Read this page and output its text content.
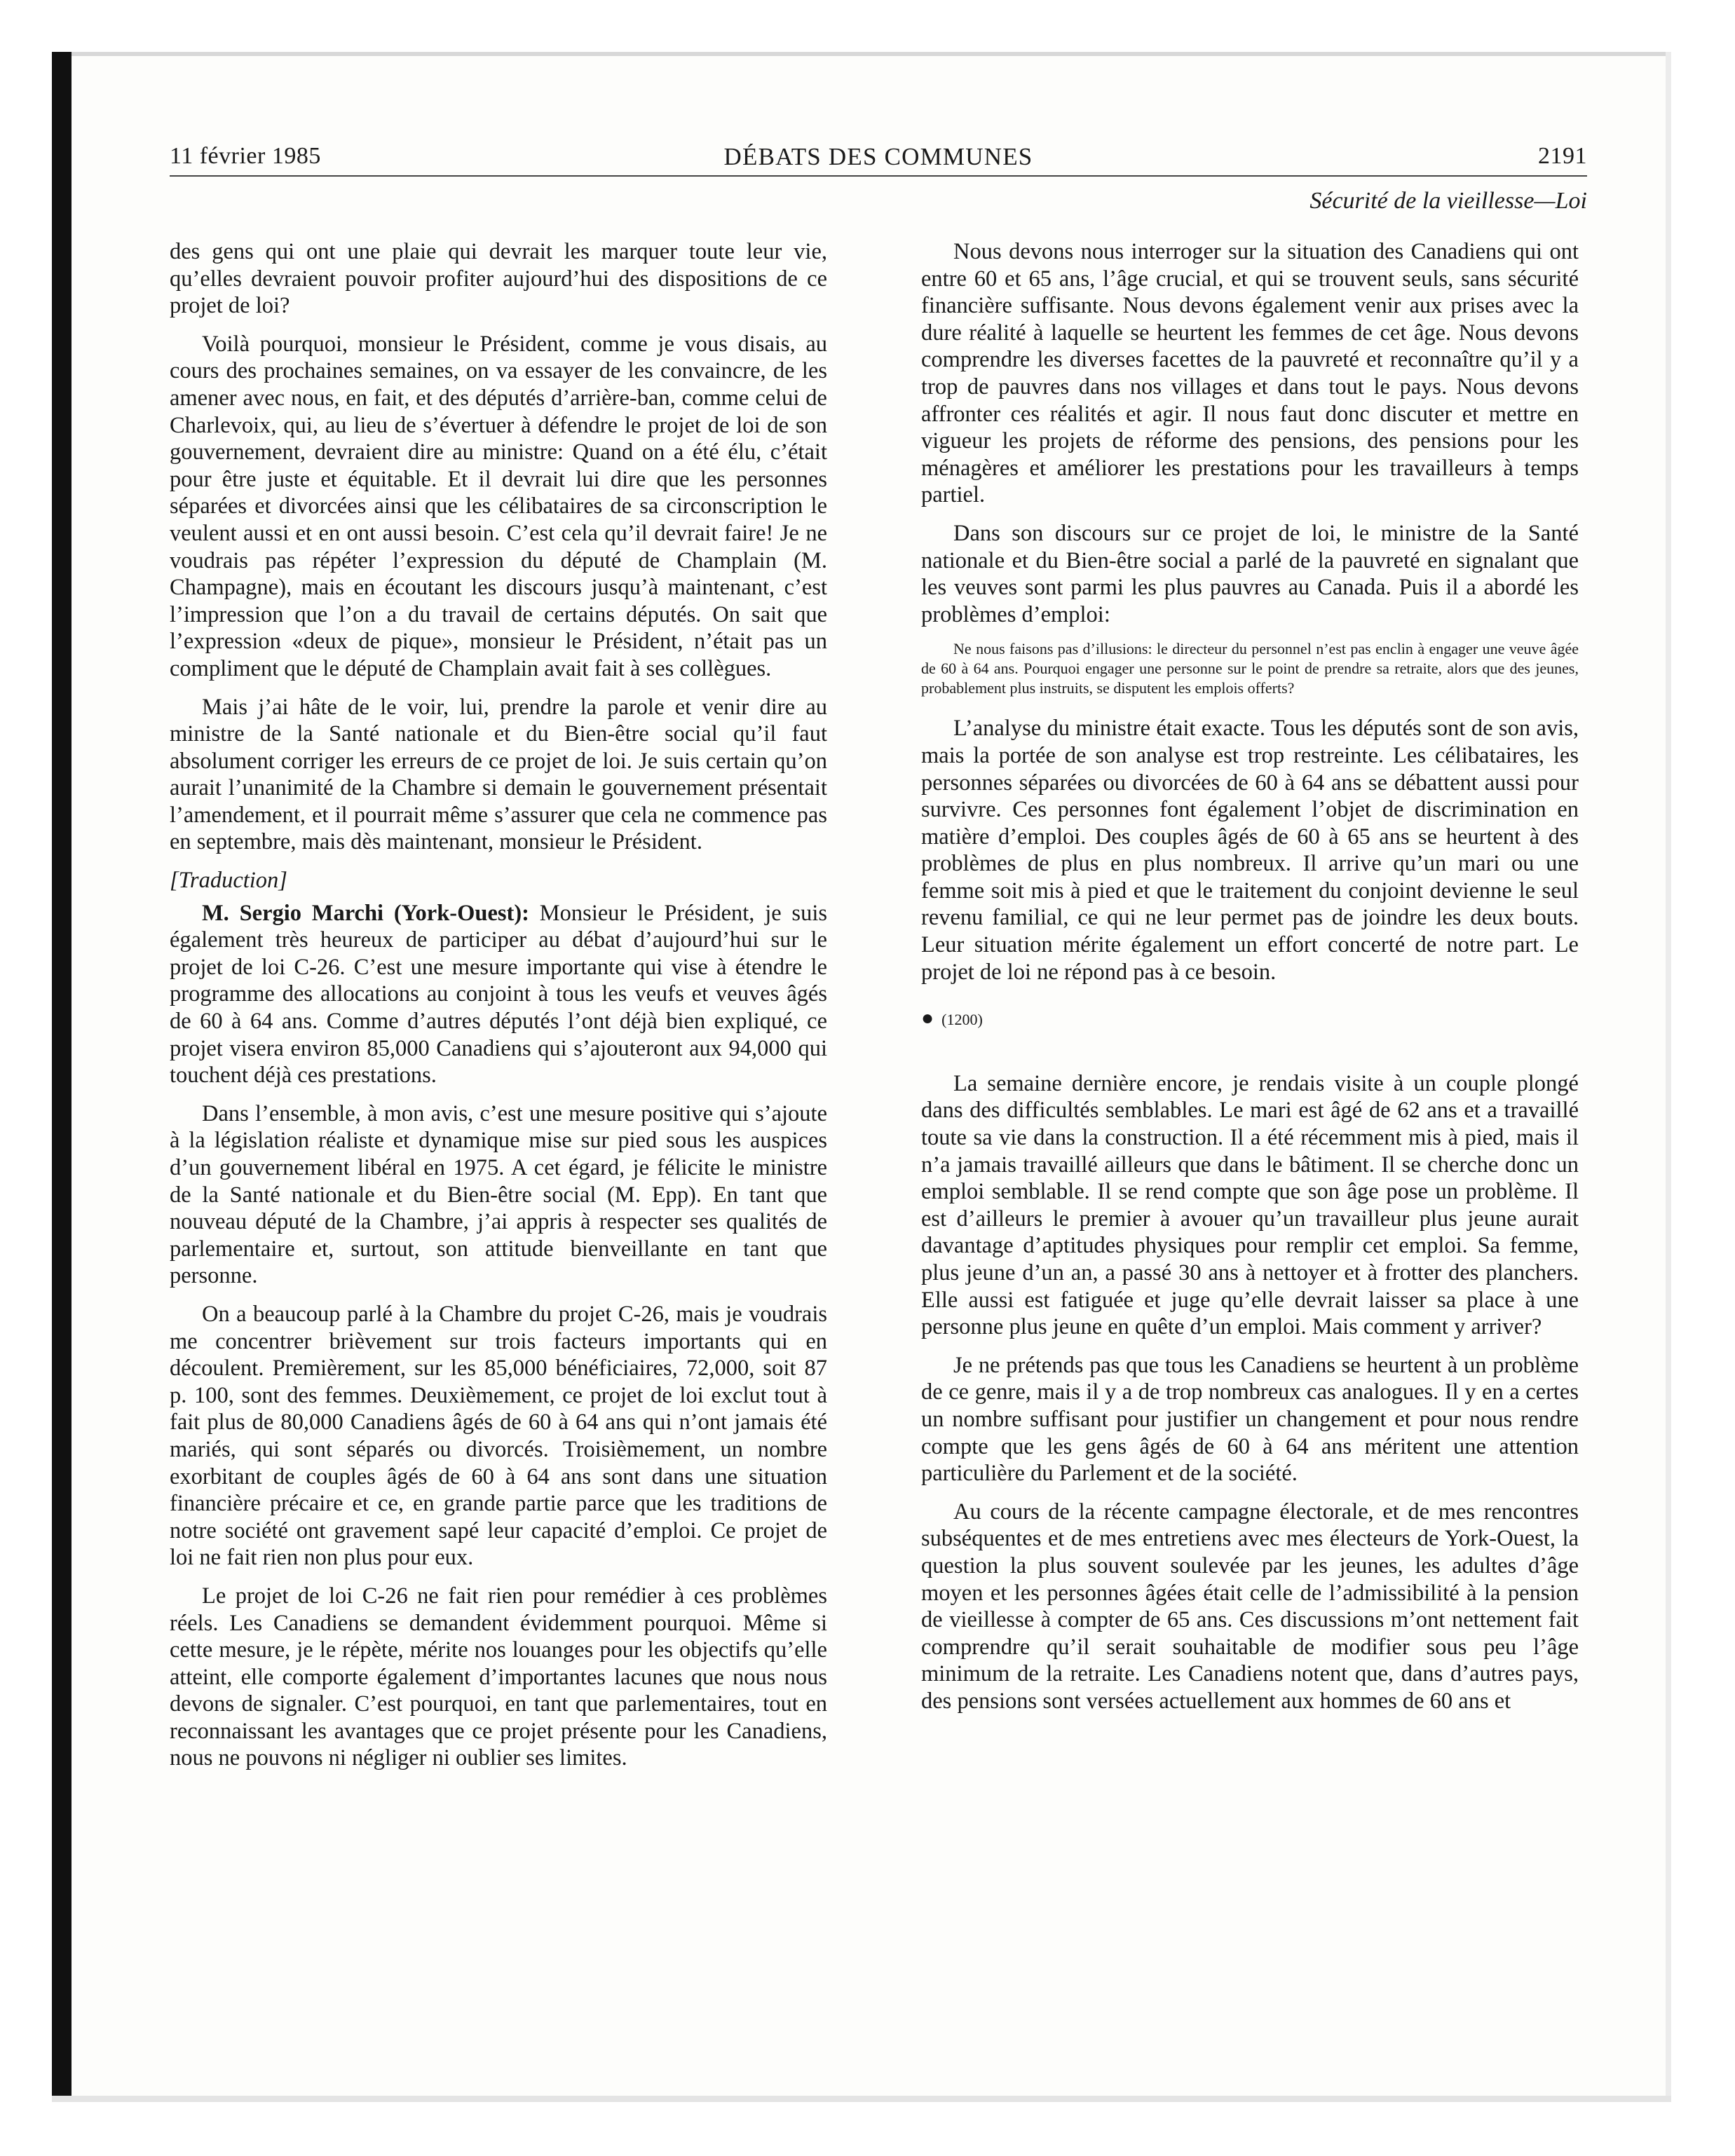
11 février 1985	DÉBATS DES COMMUNES	2191
Sécurité de la vieillesse—Loi

des gens qui ont une plaie qui devrait les marquer toute leur vie, qu’elles devraient pouvoir profiter aujourd’hui des dispositions de ce projet de loi?

Voilà pourquoi, monsieur le Président, comme je vous disais, au cours des prochaines semaines, on va essayer de les convaincre, de les amener avec nous, en fait, et des députés d’arrière-ban, comme celui de Charlevoix, qui, au lieu de s’évertuer à défendre le projet de loi de son gouvernement, devraient dire au ministre: Quand on a été élu, c’était pour être juste et équitable. Et il devrait lui dire que les personnes séparées et divorcées ainsi que les célibataires de sa circonscription le veulent aussi et en ont aussi besoin. C’est cela qu’il devrait faire! Je ne voudrais pas répéter l’expression du député de Champlain (M. Champagne), mais en écoutant les discours jusqu’à maintenant, c’est l’impression que l’on a du travail de certains députés. On sait que l’expression «deux de pique», monsieur le Président, n’était pas un compliment que le député de Champlain avait fait à ses collègues.

Mais j’ai hâte de le voir, lui, prendre la parole et venir dire au ministre de la Santé nationale et du Bien-être social qu’il faut absolument corriger les erreurs de ce projet de loi. Je suis certain qu’on aurait l’unanimité de la Chambre si demain le gouvernement présentait l’amendement, et il pourrait même s’assurer que cela ne commence pas en septembre, mais dès maintenant, monsieur le Président.

[Traduction]

M. Sergio Marchi (York-Ouest): Monsieur le Président, je suis également très heureux de participer au débat d’aujourd’hui sur le projet de loi C-26. C’est une mesure importante qui vise à étendre le programme des allocations au conjoint à tous les veufs et veuves âgés de 60 à 64 ans. Comme d’autres députés l’ont déjà bien expliqué, ce projet visera environ 85,000 Canadiens qui s’ajouteront aux 94,000 qui touchent déjà ces prestations.

Dans l’ensemble, à mon avis, c’est une mesure positive qui s’ajoute à la législation réaliste et dynamique mise sur pied sous les auspices d’un gouvernement libéral en 1975. A cet égard, je félicite le ministre de la Santé nationale et du Bien-être social (M. Epp). En tant que nouveau député de la Chambre, j’ai appris à respecter ses qualités de parlementaire et, surtout, son attitude bienveillante en tant que personne.

On a beaucoup parlé à la Chambre du projet C-26, mais je voudrais me concentrer brièvement sur trois facteurs importants qui en découlent. Premièrement, sur les 85,000 bénéficiaires, 72,000, soit 87 p. 100, sont des femmes. Deuxièmement, ce projet de loi exclut tout à fait plus de 80,000 Canadiens âgés de 60 à 64 ans qui n’ont jamais été mariés, qui sont séparés ou divorcés. Troisièmement, un nombre exorbitant de couples âgés de 60 à 64 ans sont dans une situation financière précaire et ce, en grande partie parce que les traditions de notre société ont gravement sapé leur capacité d’emploi. Ce projet de loi ne fait rien non plus pour eux.

Le projet de loi C-26 ne fait rien pour remédier à ces problèmes réels. Les Canadiens se demandent évidemment pourquoi. Même si cette mesure, je le répète, mérite nos louanges pour les objectifs qu’elle atteint, elle comporte également d’importantes lacunes que nous nous devons de signaler. C’est pourquoi, en tant que parlementaires, tout en reconnaissant les avantages que ce projet présente pour les Canadiens, nous ne pouvons ni négliger ni oublier ses limites.

Nous devons nous interroger sur la situation des Canadiens qui ont entre 60 et 65 ans, l’âge crucial, et qui se trouvent seuls, sans sécurité financière suffisante. Nous devons également venir aux prises avec la dure réalité à laquelle se heurtent les femmes de cet âge. Nous devons comprendre les diverses facettes de la pauvreté et reconnaître qu’il y a trop de pauvres dans nos villages et dans tout le pays. Nous devons affronter ces réalités et agir. Il nous faut donc discuter et mettre en vigueur les projets de réforme des pensions, des pensions pour les ménagères et améliorer les prestations pour les travailleurs à temps partiel.

Dans son discours sur ce projet de loi, le ministre de la Santé nationale et du Bien-être social a parlé de la pauvreté en signalant que les veuves sont parmi les plus pauvres au Canada. Puis il a abordé les problèmes d’emploi:

Ne nous faisons pas d’illusions: le directeur du personnel n’est pas enclin à engager une veuve âgée de 60 à 64 ans. Pourquoi engager une personne sur le point de prendre sa retraite, alors que des jeunes, probablement plus instruits, se disputent les emplois offerts?

L’analyse du ministre était exacte. Tous les députés sont de son avis, mais la portée de son analyse est trop restreinte. Les célibataires, les personnes séparées ou divorcées de 60 à 64 ans se débattent aussi pour survivre. Ces personnes font également l’objet de discrimination en matière d’emploi. Des couples âgés de 60 à 65 ans se heurtent à des problèmes de plus en plus nombreux. Il arrive qu’un mari ou une femme soit mis à pied et que le traitement du conjoint devienne le seul revenu familial, ce qui ne leur permet pas de joindre les deux bouts. Leur situation mérite également un effort concerté de notre part. Le projet de loi ne répond pas à ce besoin.

● (1200)

La semaine dernière encore, je rendais visite à un couple plongé dans des difficultés semblables. Le mari est âgé de 62 ans et a travaillé toute sa vie dans la construction. Il a été récemment mis à pied, mais il n’a jamais travaillé ailleurs que dans le bâtiment. Il se cherche donc un emploi semblable. Il se rend compte que son âge pose un problème. Il est d’ailleurs le premier à avouer qu’un travailleur plus jeune aurait davantage d’aptitudes physiques pour remplir cet emploi. Sa femme, plus jeune d’un an, a passé 30 ans à nettoyer et à frotter des planchers. Elle aussi est fatiguée et juge qu’elle devrait laisser sa place à une personne plus jeune en quête d’un emploi. Mais comment y arriver?

Je ne prétends pas que tous les Canadiens se heurtent à un problème de ce genre, mais il y a de trop nombreux cas analogues. Il y en a certes un nombre suffisant pour justifier un changement et pour nous rendre compte que les gens âgés de 60 à 64 ans méritent une attention particulière du Parlement et de la société.

Au cours de la récente campagne électorale, et de mes rencontres subséquentes et de mes entretiens avec mes électeurs de York-Ouest, la question la plus souvent soulevée par les jeunes, les adultes d’âge moyen et les personnes âgées était celle de l’admissibilité à la pension de vieillesse à compter de 65 ans. Ces discussions m’ont nettement fait comprendre qu’il serait souhaitable de modifier sous peu l’âge minimum de la retraite. Les Canadiens notent que, dans d’autres pays, des pensions sont versées actuellement aux hommes de 60 ans et
